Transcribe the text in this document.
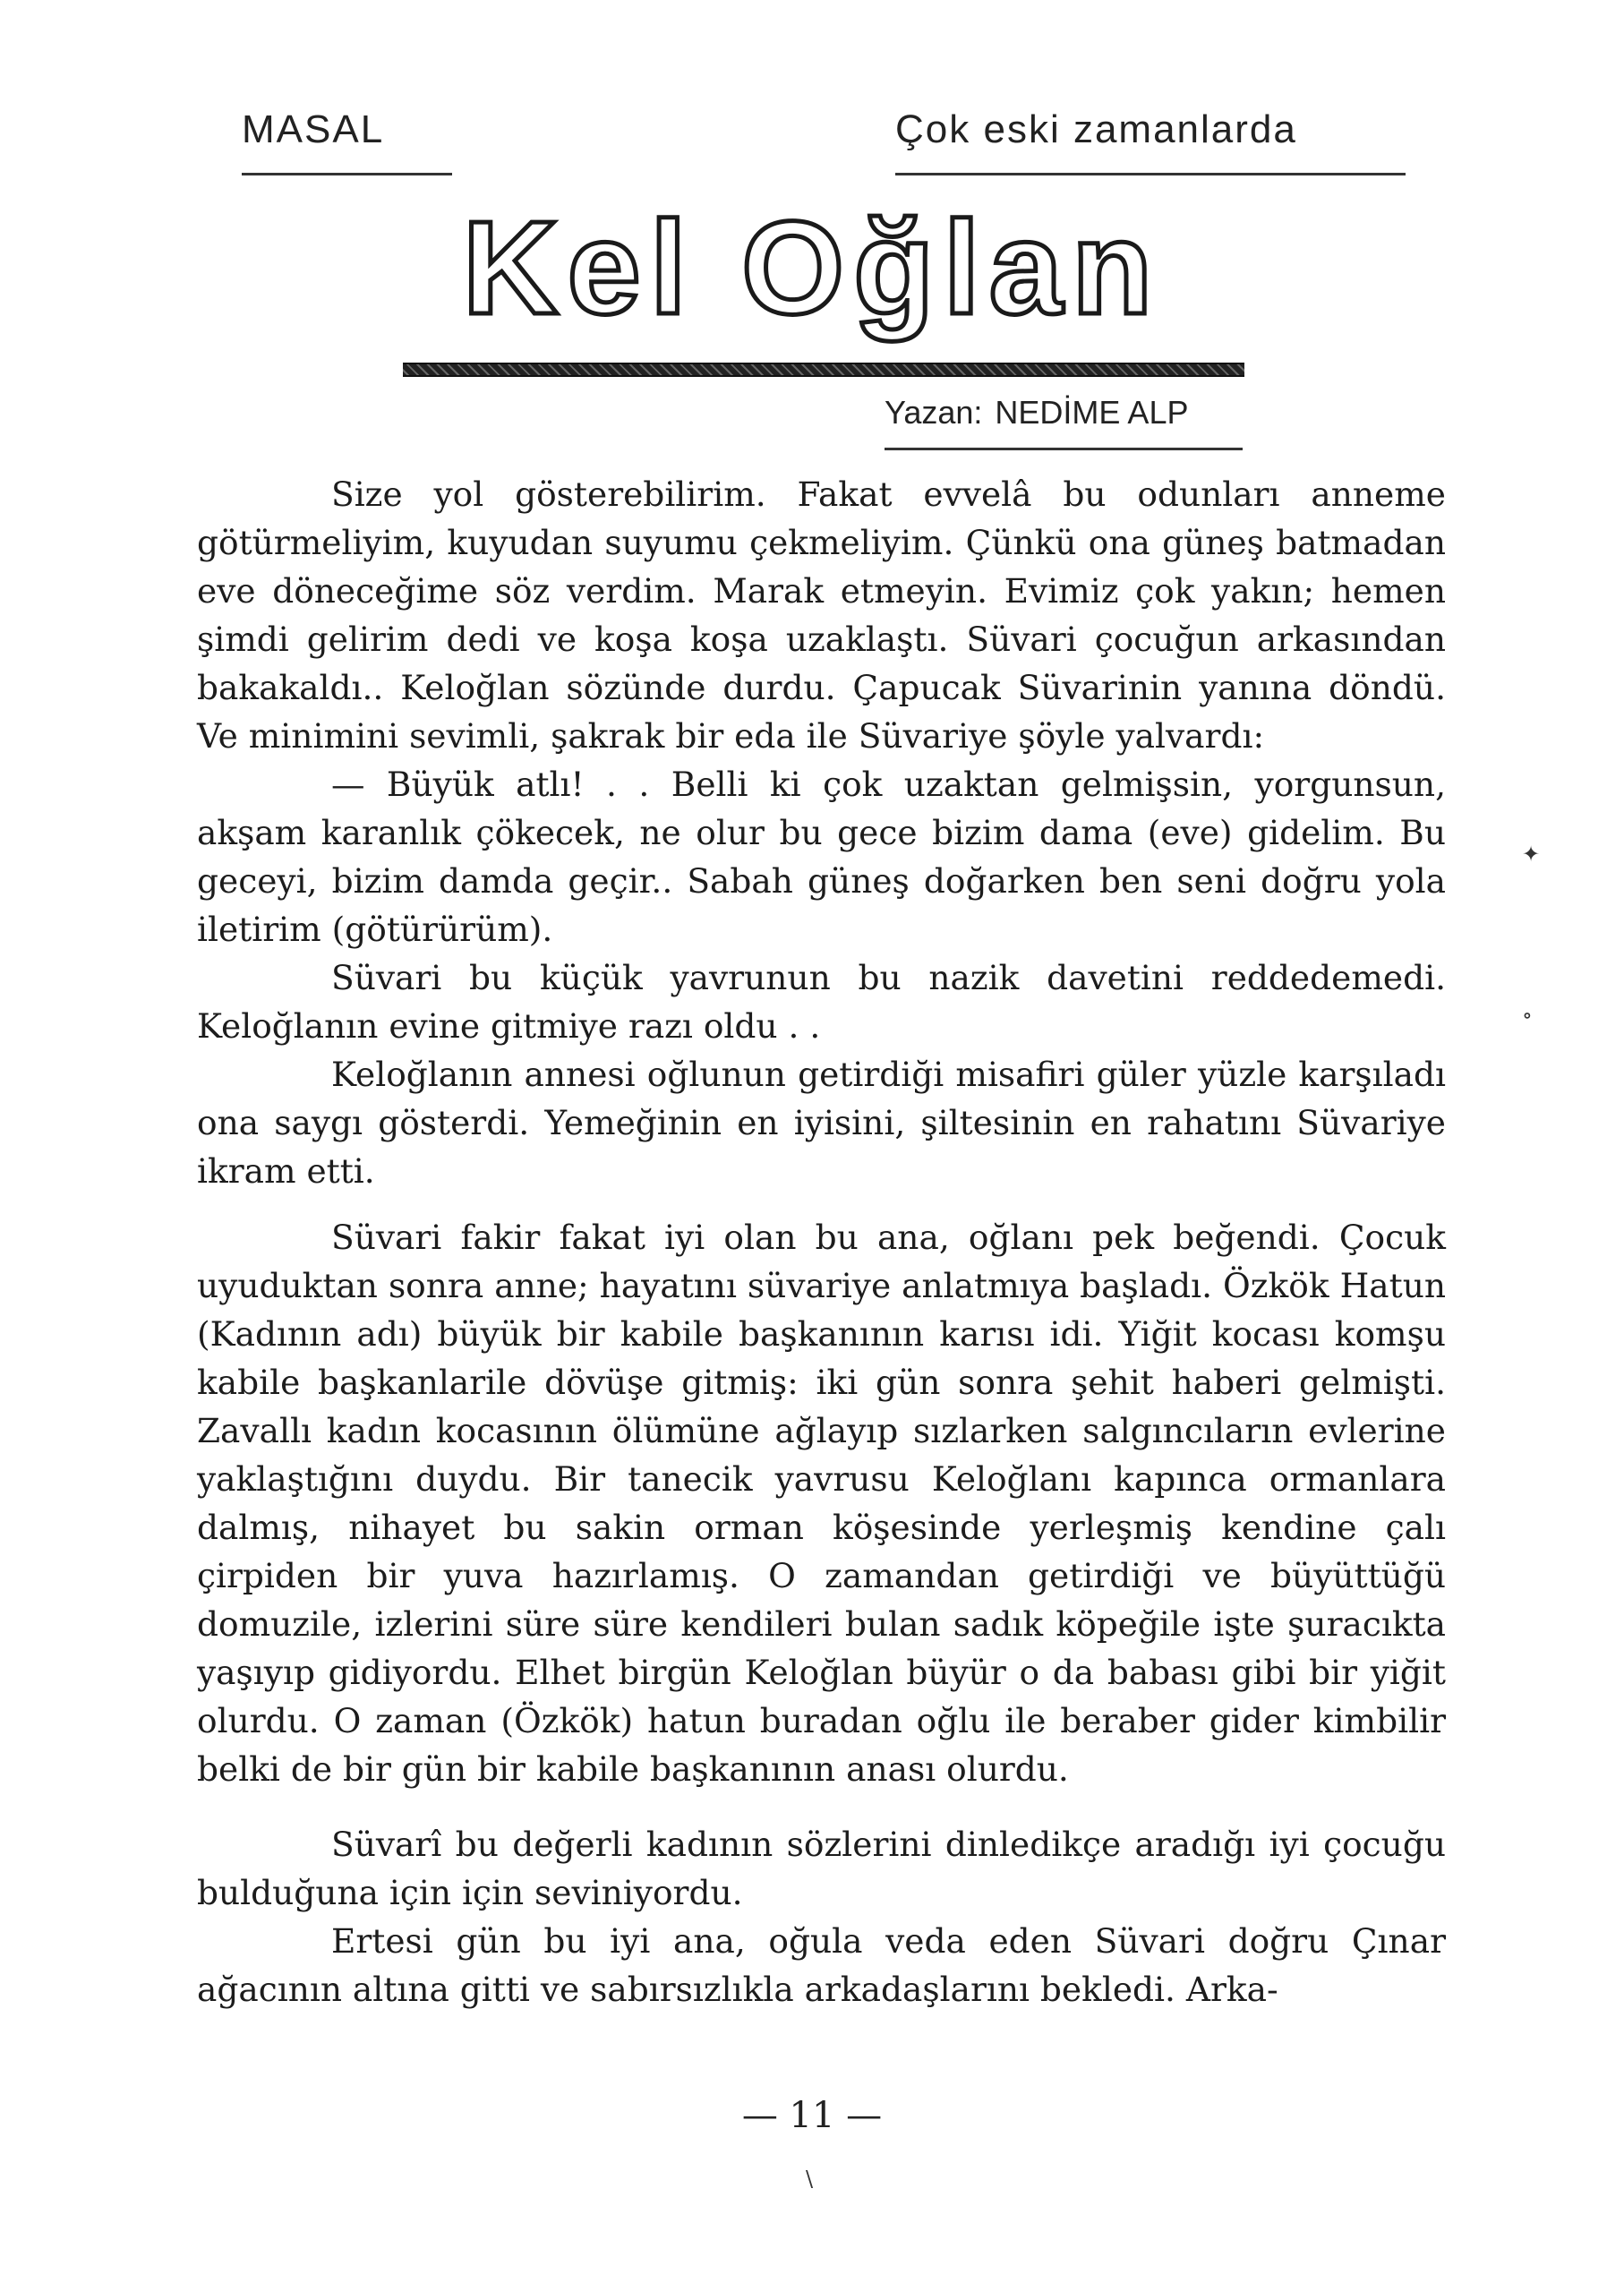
MASAL	Çok eski zamanlarda
Kel Oğlan
Yazan: NEDİME ALP

Size yol gösterebilirim. Fakat evvelâ bu odunları anneme götürmeliyim, kuyudan suyumu çekmeliyim. Çünkü ona güneş batmadan eve döneceğime söz verdim. Marak etmeyin. Evimiz çok yakın; hemen şimdi gelirim dedi ve koşa koşa uzaklaştı. Süvari çocuğun arkasından bakakaldı.. Keloğlan sözünde durdu. Çapucak Süvarinin yanına döndü. Ve minimini sevimli, şakrak bir eda ile Süvariye şöyle yalvardı:

— Büyük atlı! . . Belli ki çok uzaktan gelmişsin, yorgunsun, akşam karanlık çökecek, ne olur bu gece bizim dama (eve) gidelim. Bu geceyi, bizim damda geçir.. Sabah güneş doğarken ben seni doğru yola iletirim (götürürüm).

Süvari bu küçük yavrunun bu nazik davetini reddedemedi. Keloğlanın evine gitmiye razı oldu . .

Keloğlanın annesi oğlunun getirdiği misafiri güler yüzle karşıladı ona saygı gösterdi. Yemeğinin en iyisini, şiltesinin en rahatını Süvariye ikram etti.

Süvari fakir fakat iyi olan bu ana, oğlanı pek beğendi. Çocuk uyuduktan sonra anne; hayatını süvariye anlatmıya başladı. Özkök Hatun (Kadının adı) büyük bir kabile başkanının karısı idi. Yiğit kocası komşu kabile başkanlarile dövüşe gitmiş: iki gün sonra şehit haberi gelmişti. Zavallı kadın kocasının ölümüne ağlayıp sızlarken salgıncıların evlerine yaklaştığını duydu. Bir tanecik yavrusu Keloğlanı kapınca ormanlara dalmış, nihayet bu sakin orman köşesinde yerleşmiş kendine çalı çirpiden bir yuva hazırlamış. O zamandan getirdiği ve büyüttüğü domuzile, izlerini süre süre kendileri bulan sadık köpeğile işte şuracıkta yaşıyıp gidiyordu. Elhet birgün Keloğlan büyür o da babası gibi bir yiğit olurdu. O zaman (Özkök) hatun buradan oğlu ile beraber gider kimbilir belki de bir gün bir kabile başkanının anası olurdu.

Süvarî bu değerli kadının sözlerini dinledikçe aradığı iyi çocuğu bulduğuna için için seviniyordu.

Ertesi gün bu iyi ana, oğula veda eden Süvari doğru Çınar ağacının altına gitti ve sabırsızlıkla arkadaşlarını bekledi. Arka-

— 11 —
✦
∘
\
